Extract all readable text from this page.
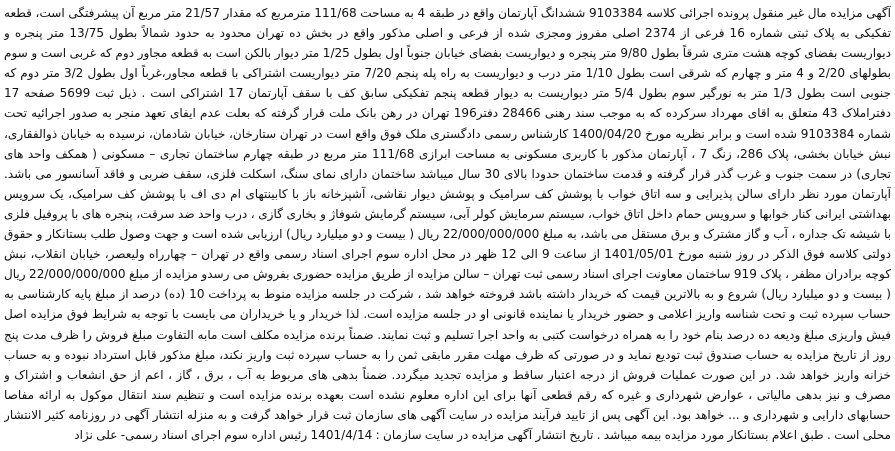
آگهی مزایده مال غیر منقول پرونده اجرائی کلاسه 9103384 ششدانگ آپارتمان واقع در طبقه 4 به مساحت 111/68 مترمربع که مقدار 21/57 متر مربع آن پیشرفتگی است، قطعه تفکیکی به پلاک ثبتی شماره 16 فرعی از 2374 اصلی مفروز ومجزی شده از فرعی و اصلی مذکور واقع در بخش ده تهران محدود به حدود شمالاً بطول 13/75 متر پنجره و دیواریست بفضای کوچه هشت متری شرقاً بطول 9/80 متر پنجره و دیواریست بفضای خیابان جنوباً اول بطول 1/25 متر دیوار بالکن است به قطعه مجاور دوم که غربی است و سوم بطولهای 2/20 و 4 متر و چهارم که شرقی است بطول 1/10 متر درب و دیواریست به راه پله پنجم 7/20 متر دیواریست اشتراکی با قطعه مجاور،غرباً اول بطول 3/2 متر دوم که جنوبی است بطول 1/3 متر به نورگیر سوم بطول 5/4 متر دیواریست به دیوار قطعه پنجم تفکیکی سابق کف با سقف آپارتمان 17 اشتراکی است . ذیل ثبت 5699 صفحه 17 دفتراملاک 43 متعلق به اقای مهرداد سرکرده که به موجب سند رهنی 28466 دفتر196 تهران در رهن بانک ملت قرار گرفته که بعلت عدم ایفای تعهد منجر به صدور اجرائیه تحت شماره 9103384 شده است و برابر نظریه مورخ 1400/04/20 کارشناس رسمی دادگستری ملک فوق واقع است در تهران ستارخان، خیابان شادمان، نرسیده به خیابان ذوالفقاری، نبش خیابان بخشی، پلاک 286، زنگ 7 ، آپارتمان مذکور با کاربری مسکونی به مساحت ابرازی 111/68 متر مربع در طبقه چهارم ساختمان تجاری – مسکونی ( همکف واحد های تجاری) در سمت جنوب و غرب گذر قرار گرفته و قدمت ساختمان حدودا بالای 30 سال میباشد ساختمان دارای نمای سنگ، اسکلت فلزی، سقف ضربی و فاقد آسانسور می باشد. آپارتمان مورد نظر دارای سالن پذیرایی و سه اتاق خواب با پوشش کف سرامیک و پوشش دیوار نقاشی، آشپزخانه باز با کابینتهای ام دی اف با پوشش کف سرامیک، یک سرویس بهداشتی ایرانی کنار خوابها و سرویس حمام داخل اتاق خواب، سیستم سرمایش کولر آبی، سیستم گرمایش شوفاژ و بخاری گازی ، درب واحد ضد سرقت، پنجره های با پروفیل فلزی با شیشه تک جداره ، آب و گاز مشترک و برق مستقل می باشد، به مبلغ 22/000/000/000 ریال ( بیست و دو میلیارد ریال) ارزیابی شده است و جهت وصول طلب بستانکار و حقوق دولتی کلاسه فوق الذکر در روز شنبه مورخ 1401/05/01 از ساعت 9 الی 12 ظهر در محل اداره سوم اجرای اسناد رسمی واقع در تهران – چهارراه ولیعصر، خیابان انقلاب، نبش کوچه برادران مظفر ، پلاک 919 ساختمان معاونت اجرای اسناد رسمی ثبت تهران – سالن مزایده از طریق مزایده حضوری بفروش می رسدو مزایده از مبلغ 22/000/000/000 ریال ( بیست و دو میلیارد ریال) شروع و به بالاترین قیمت که خریدار داشته باشد فروخته خواهد شد ، شرکت در جلسه مزایده منوط به پرداخت 10 (ده) درصد از مبلغ پایه کارشناسی به حساب سپرده ثبت و تحت شناسه واریز اعلامی و حضور خریدار یا نماینده قانونی او در جلسه مزایده است. لذا خریدار و یا خریداران می بایست با توجه به شرایط فوق مزایده اصل فیش واریزی مبلغ ودیعه ده درصد بنام خود را به همراه درخواست کتبی به واحد اجرا تسلیم و ثبت نمایند. ضمناً برنده مزایده مکلف است مابه التفاوت مبلغ فروش را ظرف مدت پنج روز از تاریخ مزایده به حساب صندوق ثبت تودیع نماید و در صورتی که ظرف مهلت مقرر مابقی ثمن را به حساب سپرده ثبت واریز نکند، مبلغ مذکور قابل استرداد نبوده و به حساب خزانه واریز خواهد شد. در این صورت عملیات فروش از درجه اعتبار ساقط و مزایده تجدید میگردد. ضمناً بدهی های مربوط به آب ، برق ، گاز ، اعم از حق انشعاب و اشتراک و مصرف و نیز بدهی مالیاتی ، عوارض شهرداری و غیره که رقم قطعی آنها برای این اداره معلوم نشده است بعهده برنده مزایده است و تنظیم سند انتقال موکول به ارائه مفاصا حسابهای دارایی و شهرداری و ... خواهد بود. این آگهی پس از تایید فرآیند مزایده در سایت آگهی های سازمان ثبت قرار خواهد گرفت و به منزله انتشار آگهی در روزنامه کثیر الانتشار محلی است . طبق اعلام بستانکار مورد مزایده بیمه میباشد . تاریخ انتشار آگهی مزایده در سایت سازمان : 1401/4/14 رئیس اداره سوم اجرای اسناد رسمی- علی نژاد
